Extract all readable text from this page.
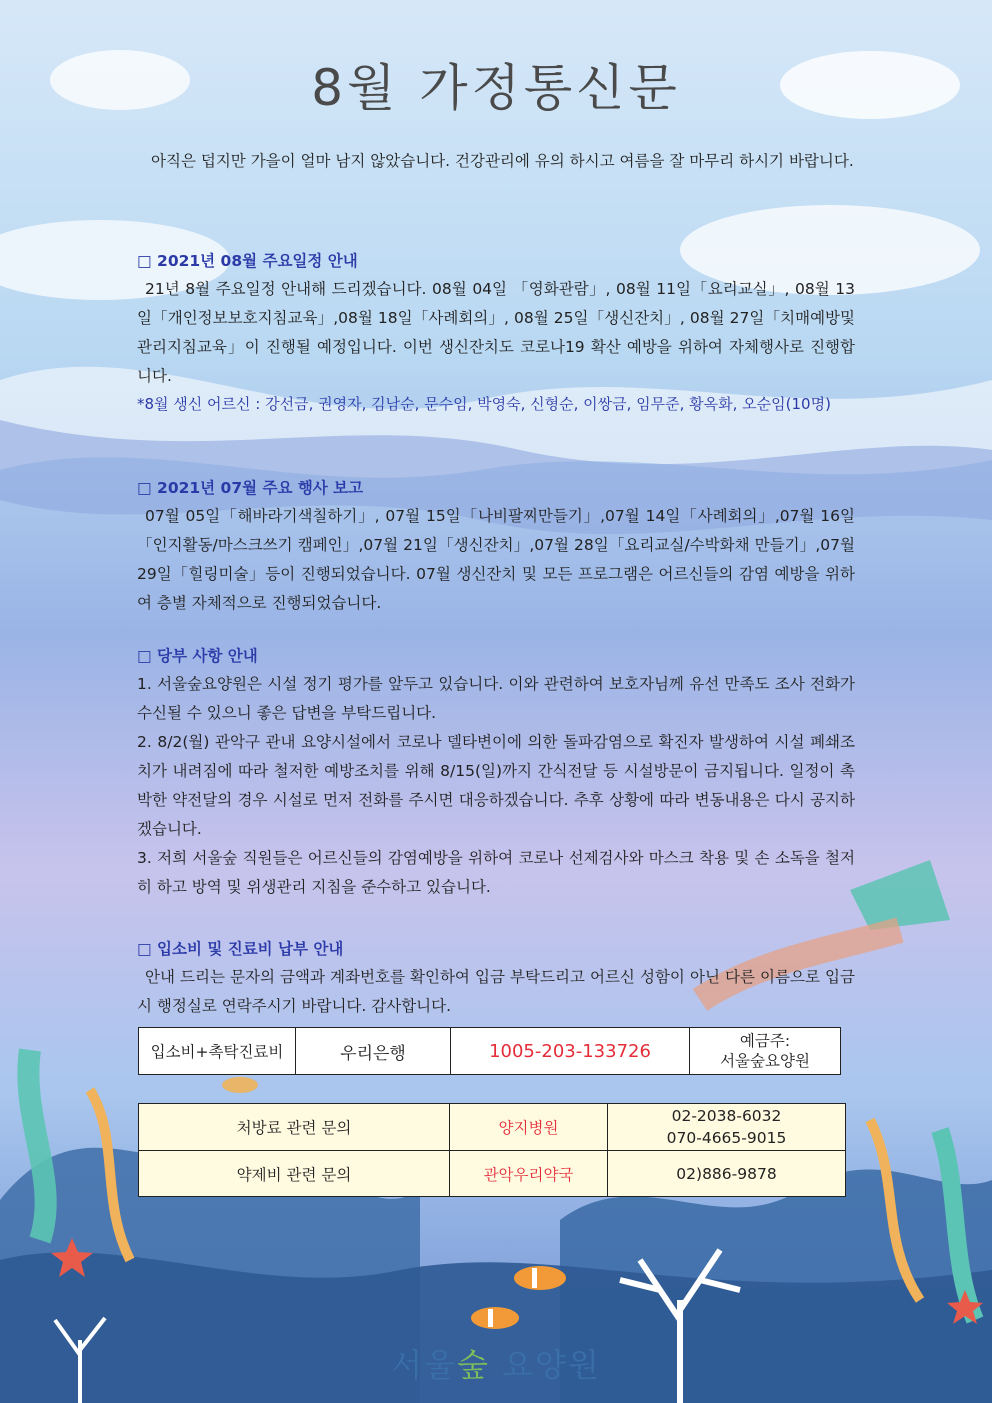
8월 가정통신문

아직은 덥지만 가을이 얼마 남지 않았습니다. 건강관리에 유의 하시고 여름을 잘 마무리 하시기 바랍니다.

□ 2021년 08월 주요일정 안내

21년 8월 주요일정 안내해 드리겠습니다. 08월 04일 「영화관람」, 08월 11일「요리교실」, 08월 13일「개인정보보호지침교육」,08월 18일「사례회의」, 08월 25일「생신잔치」, 08월 27일「치매예방및관리지침교육」이 진행될 예정입니다. 이번 생신잔치도 코로나19 확산 예방을 위하여 자체행사로 진행합니다.

*8월 생신 어르신 : 강선금, 권영자, 김남순, 문수임, 박영숙, 신형순, 이쌍금, 임무준, 황옥화, 오순임(10명)
□ 2021년 07월 주요 행사 보고

07월 05일「해바라기색칠하기」, 07월 15일「나비팔찌만들기」,07월 14일「사례회의」,07월 16일「인지활동/마스크쓰기 캠페인」,07월 21일「생신잔치」,07월 28일「요리교실/수박화채 만들기」,07월 29일「힐링미술」등이 진행되었습니다. 07월 생신잔치 및 모든 프로그램은 어르신들의 감염 예방을 위하여 층별 자체적으로 진행되었습니다.

□ 당부 사항 안내

1. 서울숲요양원은 시설 정기 평가를 앞두고 있습니다. 이와 관련하여 보호자님께 유선 만족도 조사 전화가 수신될 수 있으니 좋은 답변을 부탁드립니다.

2. 8/2(월) 관악구 관내 요양시설에서 코로나 델타변이에 의한 돌파감염으로 확진자 발생하여 시설 폐쇄조치가 내려짐에 따라 철저한 예방조치를 위해 8/15(일)까지 간식전달 등 시설방문이 금지됩니다. 일정이 촉박한 약전달의 경우 시설로 먼저 전화를 주시면 대응하겠습니다. 추후 상황에 따라 변동내용은 다시 공지하겠습니다.

3. 저희 서울숲 직원들은 어르신들의 감염예방을 위하여 코로나 선제검사와 마스크 착용 및 손 소독을 철저히 하고 방역 및 위생관리 지침을 준수하고 있습니다.

□ 입소비 및 진료비 납부 안내

안내 드리는 문자의 금액과 계좌번호를 확인하여 입금 부탁드리고 어르신 성함이 아닌 다른 이름으로 입금 시 행정실로 연락주시기 바랍니다. 감사합니다.

입소비+촉탁진료비	우리은행	1005-203-133726	예금주:
서울숲요양원
처방료 관련 문의	양지병원	02-2038-6032
070-4665-9015

약제비 관련 문의	관악우리약국	02)886-9878
서울숲 요양원
